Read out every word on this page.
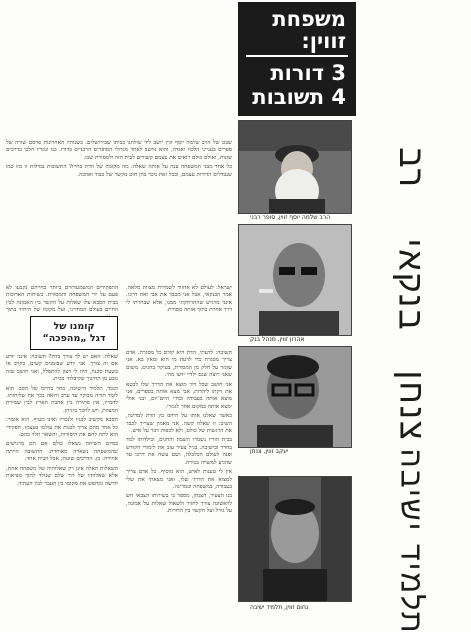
משפחת
זווין:
3 דורות
4 תשובות

שבט של הרב שלמה יוסף זווין יושב ליד שולחנו בביתו שבירושלים. בשנותיו האחרונות פרסם שורה של ספרים בענייני הלכה ואגדה, והוא נחשב לאחד מגדולי הסופרים הרבניים בדורו. בנו ונכדיו הלכו בדרכים שונות, ואולם כולם רואים את עצמם קשורים לבית הזה ולמסורת שבו.

כל אחד מבני המשפחה ענה על אותה שאלה: מה מקומה של הדת בחייו? התשובות נבדלות זו מזו כמו שנבדלים הדורות עצמם, ובכל זאת ניכר בהן חוט מקשר של כבוד ואהבה.

הרב שלמה יוסף זווין, סופר רבני
רב
בנקאי
צנחן
תלמיד ישיבה
אהרון זווין, מנהל בנק
יעקב זווין, צנחן
נחום זווין, תלמיד ישיבה

ישראל: לעולם לא אחזור לשמירת מצוות מלאה, אמר הבנקאי, אבל אני מכבד את אבי ואת דרכו. אינני מרגיש שהתרחקתי ממנו, אלא שבחרתי לי דרך אחרת בתוך אותה מסורת.

תשובה: לדעתי, הדת היא קודם כל מסגרת. אדם צריך מסגרת כדי לדעת מי הוא ומאין בא. אני שומר על חלק מן המסורת, בעיקר בחגים, משום שאני רוצה שגם ילדיי ידעו מהי.

אני חושב שכל דור מוצא את הדרך שלו לבטא את זיקתו ליהדות. אבי מצא אותה בספרים, אני מוצא אותה בעבודה ובחיי היום־יום, ובני אולי ימצא אותה במקום אחר לגמרי.

כאשר שאלנו אותו על היחס בין הדת למדינה, השיב: זו שאלה קשה. אני מאמין שצריך לכבד את הרגשות של כולם, ולא לכפות דבר על איש.

בבית הוריו נשמרו השבת והחגים, ובילדותו למד בחדר ובישיבה. בגיל צעיר עזב את לימודי הקודש ופנה לעולם הכלכלה, ושם עשה את דרכו עד שהגיע למשרה בכירה.

אין לי טענות לאיש, הוא מוסיף. כל אדם צריך למצוא את הדרך שלו, ואני מצאתי את שלי בעבודה, במשפחה ובמדינה.

בנו הצעיר, הצנחן, מספר כי בשירותו הצבאי חש לראשונה צורך לחזור ולשאול שאלות על אמונה, על גורל ועל הקשר בין הדורות.

התפקידים המשמעותיים ביותר בחייהם נקבעו לא פעם על ידי המשפחה והמסורת. בשיחות הארוכות בבית הסבא עלו שאלות על הקשר בין האמונה לבין החיים בעולם המודרני, ועל מקומו של היחיד בתוך

קומנו של
דגל „מהפכה“

שאלה: האם יש לך צורך בדת? תשובה: אינני יודע אם זה צורך. אני יודע שבזמנים קשים, בקרב או בשעת סכנה, היה לי רצון להתפלל, ואני חושב שזה נובע מן החינוך שקיבלתי בבית.

הנכד, תלמיד הישיבה, בחר בדרכו של הסב. הוא לומד תורה מבוקר עד ערב ורואה בכך את שליחותו. לדבריו, אין סתירה בין אהבת הארץ לבין שמירת המצוות, ויש לחבר ביניהן.

הסבא מקשיב לבניו ולנכדיו ואינו מטיף. הוא אומר: כל אחד מהם צריך לבנות את עולמו בעצמו. תפקידי הוא לתת להם את היסודות, והשאר תלוי בהם.

בסיום השיחה נשאלו כולם אם הם מרגישים שהמשפחה נשארה מאוחדת. התשובה הייתה אחידה: כן. הדרכים שונות, אבל הבית אחד.

השאלות האלה אינן רק שאלותיה של משפחה אחת, אלא שאלותיו של דור שלם שנולד לתוך מציאות חדשה ומחפש את מקומו בין העבר לבין העתיד.
